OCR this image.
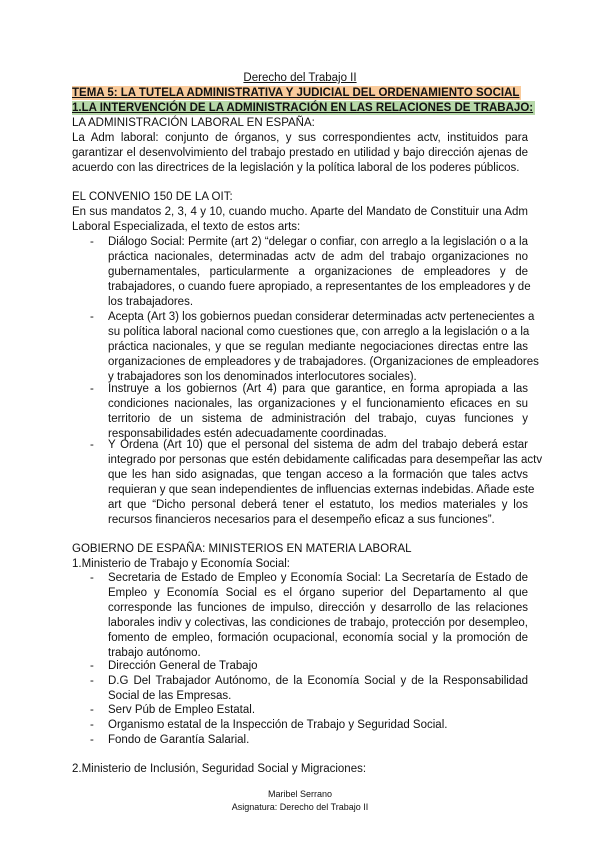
Derecho del Trabajo II
TEMA 5: LA TUTELA ADMINISTRATIVA Y JUDICIAL DEL ORDENAMIENTO SOCIAL
1.LA INTERVENCIÓN DE LA ADMINISTRACIÓN EN LAS RELACIONES DE TRABAJO:
LA ADMINISTRACIÓN LABORAL EN ESPAÑA:
La Adm laboral: conjunto de órganos, y sus correspondientes actv, instituidos para
garantizar el desenvolvimiento del trabajo prestado en utilidad y bajo dirección ajenas de
acuerdo con las directrices de la legislación y la política laboral de los poderes públicos.
EL CONVENIO 150 DE LA OIT:
En sus mandatos 2, 3, 4 y 10, cuando mucho. Aparte del Mandato de Constituir una Adm
Laboral Especializada, el texto de estos arts:
- Diálogo Social: Permite (art 2) “delegar o confiar, con arreglo a la legislación o a la
práctica nacionales, determinadas actv de adm del trabajo organizaciones no
gubernamentales, particularmente a organizaciones de empleadores y de
trabajadores, o cuando fuere apropiado, a representantes de los empleadores y de
los trabajadores.
- Acepta (Art 3) los gobiernos puedan considerar determinadas actv pertenecientes a
su política laboral nacional como cuestiones que, con arreglo a la legislación o a la
práctica nacionales, y que se regulan mediante negociaciones directas entre las
organizaciones de empleadores y de trabajadores. (Organizaciones de empleadores
y trabajadores son los denominados interlocutores sociales).
- Instruye a los gobiernos (Art 4) para que garantice, en forma apropiada a las
condiciones nacionales, las organizaciones y el funcionamiento eficaces en su
territorio de un sistema de administración del trabajo, cuyas funciones y
responsabilidades estén adecuadamente coordinadas.
- Y Ordena (Art 10) que el personal del sistema de adm del trabajo deberá estar
integrado por personas que estén debidamente calificadas para desempeñar las actv
que les han sido asignadas, que tengan acceso a la formación que tales actvs
requieran y que sean independientes de influencias externas indebidas. Añade este
art que “Dicho personal deberá tener el estatuto, los medios materiales y los
recursos financieros necesarios para el desempeño eficaz a sus funciones”.
GOBIERNO DE ESPAÑA: MINISTERIOS EN MATERIA LABORAL
1.Ministerio de Trabajo y Economía Social:
- Secretaria de Estado de Empleo y Economía Social: La Secretaría de Estado de
Empleo y Economía Social es el órgano superior del Departamento al que
corresponde las funciones de impulso, dirección y desarrollo de las relaciones
laborales indiv y colectivas, las condiciones de trabajo, protección por desempleo,
fomento de empleo, formación ocupacional, economía social y la promoción de
trabajo autónomo.
- Dirección General de Trabajo
- D.G Del Trabajador Autónomo, de la Economía Social y de la Responsabilidad
Social de las Empresas.
- Serv Púb de Empleo Estatal.
- Organismo estatal de la Inspección de Trabajo y Seguridad Social.
- Fondo de Garantía Salarial.
2.Ministerio de Inclusión, Seguridad Social y Migraciones:
Maribel Serrano
Asignatura: Derecho del Trabajo II
